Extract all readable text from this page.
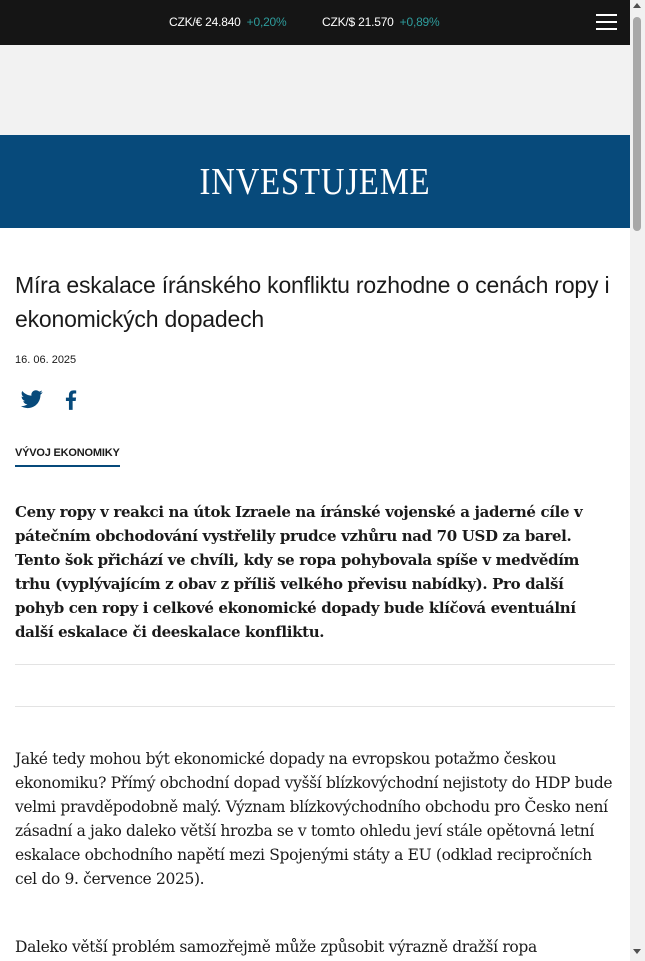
CZK/€ 24.840 +0,20%	CZK/$ 21.570 +0,89%
INVESTUJEME
Míra eskalace íránského konfliktu rozhodne o cenách ropy i ekonomických dopadech
16. 06. 2025
VÝVOJ EKONOMIKY

Ceny ropy v reakci na útok Izraele na íránské vojenské a jaderné cíle v pátečním obchodování vystřelily prudce vzhůru nad 70 USD za barel. Tento šok přichází ve chvíli, kdy se ropa pohybovala spíše v medvědím trhu (vyplývajícím z obav z příliš velkého převisu nabídky). Pro další pohyb cen ropy i celkové ekonomické dopady bude klíčová eventuální další eskalace či deeskalace konfliktu.

Jaké tedy mohou být ekonomické dopady na evropskou potažmo českou ekonomiku? Přímý obchodní dopad vyšší blízkovýchodní nejistoty do HDP bude velmi pravděpodobně malý. Význam blízkovýchodního obchodu pro Česko není zásadní a jako daleko větší hrozba se v tomto ohledu jeví stále opětovná letní eskalace obchodního napětí mezi Spojenými státy a EU (odklad recipročních cel do 9. července 2025).

Daleko větší problém samozřejmě může způsobit výrazně dražší ropa
